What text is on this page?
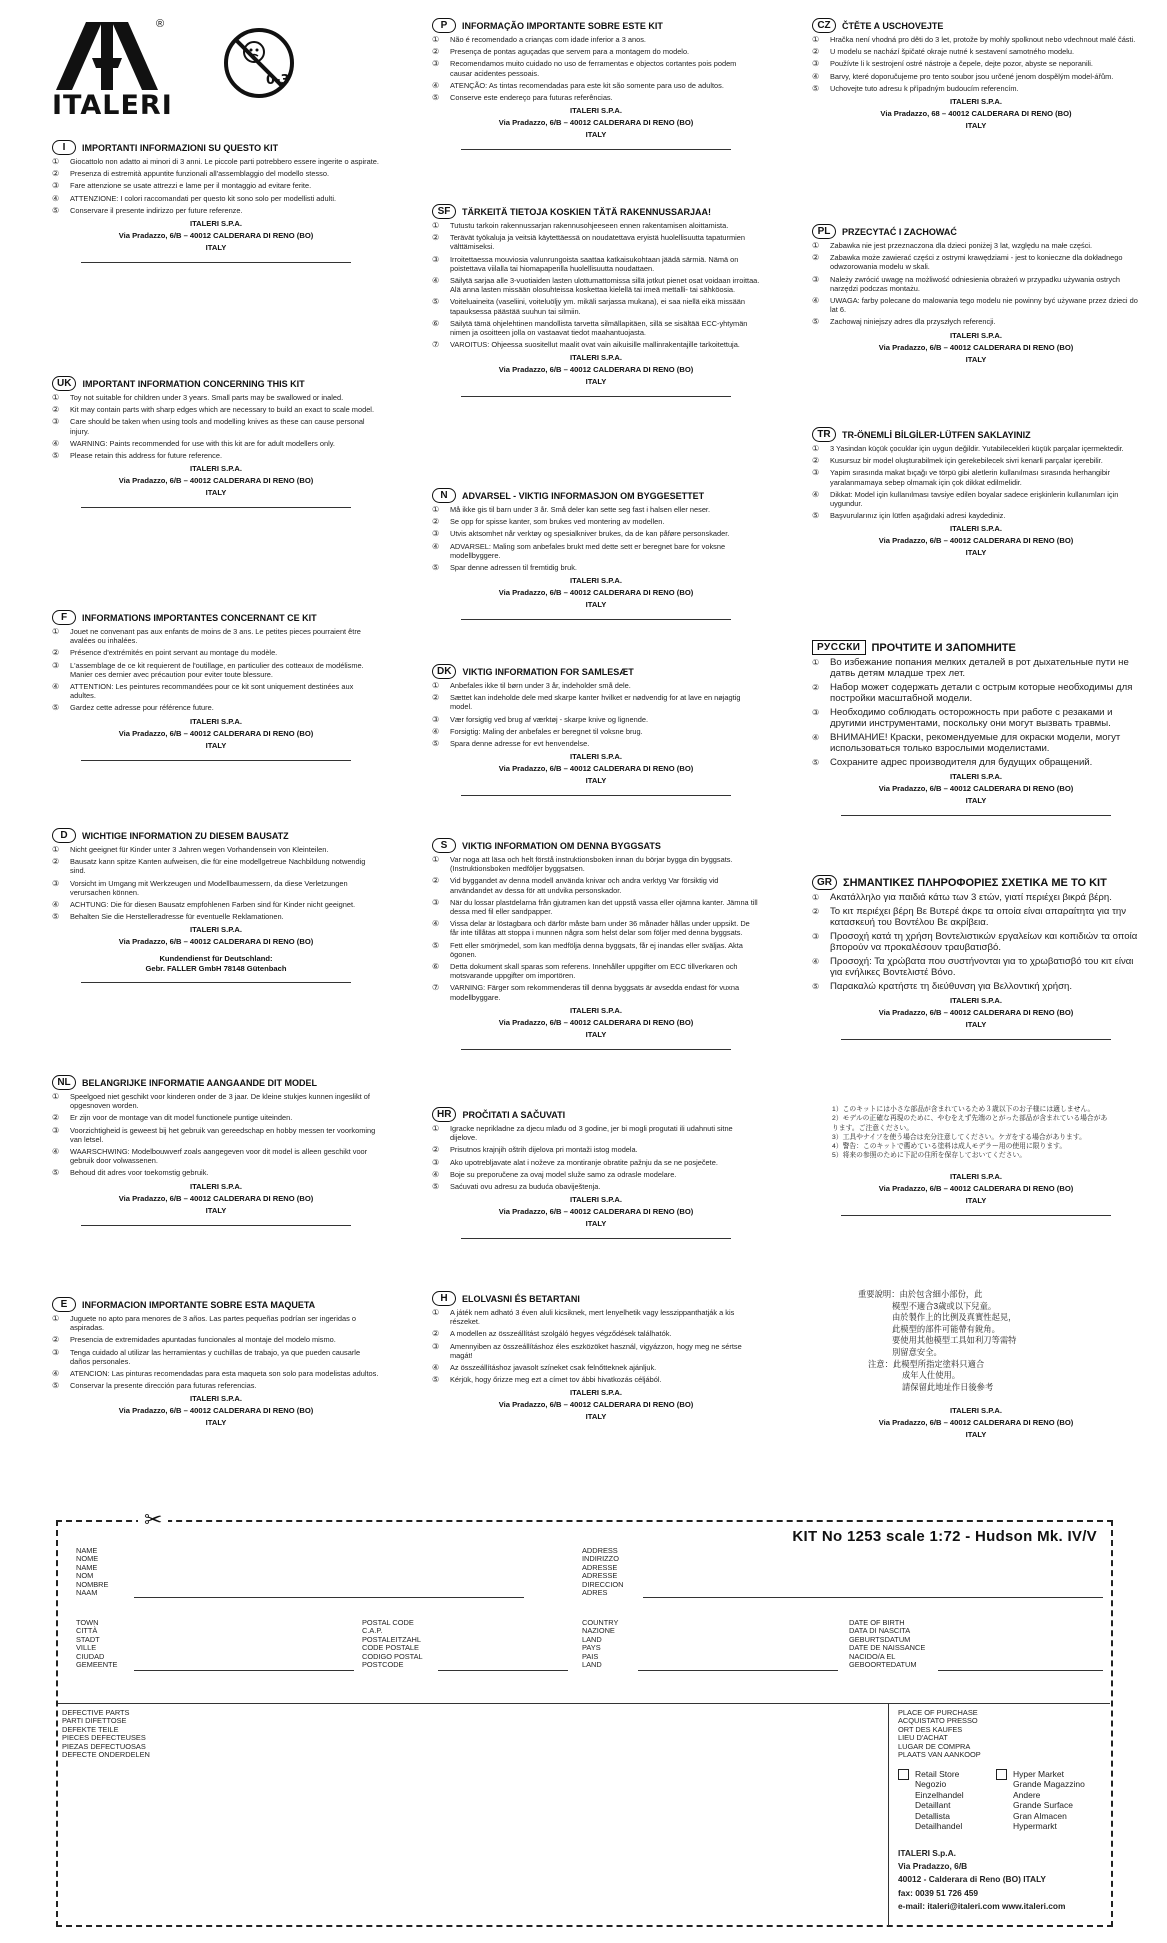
ITALERI
®
0-3
I	IMPORTANTI INFORMAZIONI SU QUESTO KIT
①	Giocattolo non adatto ai minori di 3 anni. Le piccole parti potrebbero essere ingerite o aspirate.
②	Presenza di estremità appuntite funzionali all'assemblaggio del modello stesso.
③	Fare attenzione se usate attrezzi e lame per il montaggio ad evitare ferite.
④	ATTENZIONE: I colori raccomandati per questo kit sono solo per modellisti adulti.
⑤	Conservare il presente indirizzo per future referenze.
ITALERI S.P.A.
Via Pradazzo, 6/B – 40012 CALDERARA DI RENO (BO)
ITALY
UK	IMPORTANT INFORMATION CONCERNING THIS KIT
①	Toy not suitable for children under 3 years. Small parts may be swallowed or inaled.
②	Kit may contain parts with sharp edges which are necessary to build an exact to scale model.
③	Care should be taken when using tools and modelling knives as these can cause personal injury.
④	WARNING: Paints recommended for use with this kit are for adult modellers only.
⑤	Please retain this address for future reference.
ITALERI S.P.A.
Via Pradazzo, 6/B – 40012 CALDERARA DI RENO (BO)
ITALY
F	INFORMATIONS IMPORTANTES CONCERNANT CE KIT
①	Jouet ne convenant pas aux enfants de moins de 3 ans. Le petites pieces pourraient être avalées ou inhalées.
②	Présence d'extrémités en point servant au montage du modèle.
③	L'assemblage de ce kit requierent de l'outillage, en particulier des cotteaux de modélisme. Manier ces dernier avec précaution pour eviter toute blessure.
④	ATTENTION: Les peintures recommandées pour ce kit sont uniquement destinées aux adultes.
⑤	Gardez cette adresse pour référence future.
ITALERI S.P.A.
Via Pradazzo, 6/B – 40012 CALDERARA DI RENO (BO)
ITALY
D	WICHTIGE INFORMATION ZU DIESEM BAUSATZ
①	Nicht geeignet für Kinder unter 3 Jahren wegen Vorhandensein von Kleinteilen.
②	Bausatz kann spitze Kanten aufweisen, die für eine modellgetreue Nachbildung notwendig sind.
③	Vorsicht im Umgang mit Werkzeugen und Modellbaumessern, da diese Verletzungen verursachen können.
④	ACHTUNG: Die für diesen Bausatz empfohlenen Farben sind für Kinder nicht geeignet.
⑤	Behalten Sie die Herstelleradresse für eventuelle Reklamationen.
ITALERI S.P.A.
Via Pradazzo, 6/B – 40012 CALDERARA DI RENO (BO)
Kundendienst für Deutschland:
Gebr. FALLER GmbH 78148 Gütenbach
NL	BELANGRIJKE INFORMATIE AANGAANDE DIT MODEL
①	Speelgoed niet geschikt voor kinderen onder de 3 jaar. De kleine stukjes kunnen ingeslikt of opgesnoven worden.
②	Er zijn voor de montage van dit model functionele puntige uiteinden.
③	Voorzichtigheid is geweest bij het gebruik van gereedschap en hobby messen ter voorkoming van letsel.
④	WAARSCHWING: Modelbouwverf zoals aangegeven voor dit model is alleen geschikt voor gebruik door volwassenen.
⑤	Behoud dit adres voor toekomstig gebruik.
ITALERI S.P.A.
Via Pradazzo, 6/B – 40012 CALDERARA DI RENO (BO)
ITALY
E	INFORMACION IMPORTANTE SOBRE ESTA MAQUETA
①	Juguete no apto para menores de 3 años. Las partes pequeñas podrían ser ingeridas o aspiradas.
②	Presencia de extremidades apuntadas funcionales al montaje del modelo mismo.
③	Tenga cuidado al utilizar las herramientas y cuchillas de trabajo, ya que pueden causarle daños personales.
④	ATENCION: Las pinturas recomendadas para esta maqueta son solo para modelistas adultos.
⑤	Conservar la presente dirección para futuras referencias.
ITALERI S.P.A.
Via Pradazzo, 6/B – 40012 CALDERARA DI RENO (BO)
ITALY
P	INFORMAÇÃO IMPORTANTE SOBRE ESTE KIT
①	Não é recomendado a crianças com idade inferior a 3 anos.
②	Presença de pontas aguçadas que servem para a montagem do modelo.
③	Recomendamos muito cuidado no uso de ferramentas e objectos cortantes pois podem causar acidentes pessoais.
④	ATENÇÃO: As tintas recomendadas para este kit são somente para uso de adultos.
⑤	Conserve este endereço para futuras referências.
ITALERI S.P.A.
Via Pradazzo, 6/B – 40012 CALDERARA DI RENO (BO)
ITALY
SF	TÄRKEITÄ TIETOJA KOSKIEN TÄTÄ RAKENNUSSARJAA!
①	Tutustu tarkoin rakennussarjan rakennusohjeeseen ennen rakentamisen aloittamista.
②	Terävät työkaluja ja veitsiä käytettäessä on noudatettava eryistä huolellisuutta tapaturmien välttämiseksi.
③	Irroitettaessa mouviosia valunrungoista saattaa katkaisukohtaan jäädä särmiä. Nämä on poistettava viilalla tai hiomapaperilla huolellisuutta noudattaen.
④	Säilytä sarjaa alle 3-vuotiaiden lasten ulottumattomissa sillä jotkut pienet osat voidaan irroittaa. Alä anna lasten missään olosuhteissa koskettaa kielellä tai imeä mettalli- tai sähköosia.
⑤	Voiteluaineita (vaseliini, voiteluöljy ym. mikäli sarjassa mukana), ei saa niellä eikä missään tapauksessa päästää suuhun tai silmiin.
⑥	Säilytä tämä ohjelehtinen mandollista tarvetta silmällapitäen, sillä se sisältää ECC-yhtymän nimen ja osoitteen jolla on vastaavat tiedot maahantuojasta.
⑦	VAROITUS: Ohjeessa suositellut maalit ovat vain aikuisille mallinrakentajille tarkoitettuja.
ITALERI S.P.A.
Via Pradazzo, 6/B – 40012 CALDERARA DI RENO (BO)
ITALY
N	ADVARSEL - VIKTIG INFORMASJON OM BYGGESETTET
①	Må ikke gis til barn under 3 år. Små deler kan sette seg fast i halsen eller neser.
②	Se opp for spisse kanter, som brukes ved montering av modellen.
③	Utvis aktsomhet når verktøy og spesialkniver brukes, da de kan påføre personskader.
④	ADVARSEL: Maling som anbefales brukt med dette sett er beregnet bare for voksne modellbyggere.
⑤	Spar denne adressen til fremtidig bruk.
ITALERI S.P.A.
Via Pradazzo, 6/B – 40012 CALDERARA DI RENO (BO)
ITALY
DK	VIKTIG INFORMATION FOR SAMLESÆT
①	Anbefales ikke til børn under 3 år, indeholder små dele.
②	Sættet kan indeholde dele med skarpe kanter hvilket er nødvendig for at lave en nøjagtig model.
③	Vær forsigtig ved brug af værktøj - skarpe knive og lignende.
④	Forsigtig: Maling der anbefales er beregnet til voksne brug.
⑤	Spara denne adresse for evt henvendelse.
ITALERI S.P.A.
Via Pradazzo, 6/B – 40012 CALDERARA DI RENO (BO)
ITALY
S	VIKTIG INFORMATION OM DENNA BYGGSATS
①	Var noga att läsa och helt förstå instruktionsboken innan du börjar bygga din byggsats. (Instruktionsboken medföljer byggsatsen.
②	Vid byggandet av denna modell använda knivar och andra verktyg Var försiktig vid användandet av dessa för att undvika personskador.
③	När du lossar plastdelarna från gjutramen kan det uppstå vassa eller ojämna kanter. Jämna till dessa med fil eller sandpapper.
④	Vissa delar är löstagbara och därför måste barn under 36 månader hållas under uppsikt. De får inte tillåtas att stoppa i munnen några som helst delar som följer med denna byggsats.
⑤	Fett eller smörjmedel, som kan medfölja denna byggsats, får ej inandas eller sväljas. Akta ögonen.
⑥	Detta dokument skall sparas som referens. Innehåller uppgifter om ECC tillverkaren och motsvarande uppgifter om importören.
⑦	VARNING: Färger som rekommenderas till denna byggsats är avsedda endast för vuxna modellbyggare.
ITALERI S.P.A.
Via Pradazzo, 6/B – 40012 CALDERARA DI RENO (BO)
ITALY
HR	PROČITATI A SAČUVATI
①	Igracke neprikladne za djecu mlađu od 3 godine, jer bi mogli progutati ili udahnuti sitne dijelove.
②	Prisutnos krajnjih oštrih dijelova pri montaži istog modela.
③	Ako upotrebljavate alat i noževe za montiranje obratite pažnju da se ne posječete.
④	Boje su preporučene za ovaj model služe samo za odrasle modelare.
⑤	Saćuvati ovu adresu za buduća obaviještenja.
ITALERI S.P.A.
Via Pradazzo, 6/B – 40012 CALDERARA DI RENO (BO)
ITALY
H	ELOLVASNI ÉS BETARTANI
①	A játék nem adható 3 éven aluli kicsiknek, mert lenyelhetik vagy lesszippanthatják a kis részeket.
②	A modellen az összeállítást szolgáló hegyes végződések találhatók.
③	Amennyiben az összeállításhoz éles eszközöket használ, vigyázzon, hogy meg ne sértse magát!
④	Az összeállításhoz javasolt színeket csak felnőtteknek ajánljuk.
⑤	Kérjük, hogy őrizze meg ezt a címet tov ábbi hivatkozás céljából.
ITALERI S.P.A.
Via Pradazzo, 6/B – 40012 CALDERARA DI RENO (BO)
ITALY
CZ	ČTĚTE A USCHOVEJTE
①	Hračka není vhodná pro děti do 3 let, protože by mohly spolknout nebo vdechnout malé části.
②	U modelu se nachází špičaté okraje nutné k sestavení samotného modelu.
③	Používte li k sestrojení ostré nástroje a čepele, dejte pozor, abyste se neporanili.
④	Barvy, které doporučujeme pro tento soubor jsou určené jenom dospělým model-ářům.
⑤	Uchovejte tuto adresu k případným budoucím referencím.
ITALERI S.P.A.
Via Pradazzo, 68 – 40012 CALDERARA DI RENO (BO)
ITALY
PL	PRZECYTAĆ I ZACHOWAĆ
①	Zabawka nie jest przeznaczona dla dzieci poniżej 3 lat, względu na małe części.
②	Zabawka może zawierać części z ostrymi krawędziami - jest to konieczne dla dokładnego odwzorowania modelu w skali.
③	Należy zwrócić uwagę na możliwość odniesienia obrażeń w przypadku używania ostrych narzędzi podczas montażu.
④	UWAGA: farby polecane do malowania tego modelu nie powinny być używane przez dzieci do lat 6.
⑤	Zachowaj niniejszy adres dla przyszłych referencji.
ITALERI S.P.A.
Via Pradazzo, 6/B – 40012 CALDERARA DI RENO (BO)
ITALY
TR	TR-ÖNEMLİ BİLGİLER-LÜTFEN SAKLAYINIZ
①	3 Yasindan küçük çocuklar için uygun değildir. Yutabilecekleri küçük parçalar içermektedir.
②	Kusursuz bir model oluşturabilmek için gerekebilecek sivri kenarli parçalar içerebilir.
③	Yapim sırasında makat bıçağı ve törpü gibi aletlerin kullanılması sırasında herhangibir yaralanmamaya sebep olmamak için çok dikkat edilmelidir.
④	Dikkat: Model için kullanılması tavsiye edilen boyalar sadece erişkinlerin kullanımları için uygundur.
⑤	Başvurularınız için lütfen aşağıdaki adresi kaydediniz.
ITALERI S.P.A.
Via Pradazzo, 6/B – 40012 CALDERARA DI RENO (BO)
ITALY
РУССКИ	ПРОЧТИТЕ И ЗАПОМНИТЕ
①	Во избежание попания мелких деталей в рот дыхательные пути не датвь детям младше трех лет.
②	Набор может содержать детали с острым которые необходимы для постройки масштабной модели.
③	Необходимо соблюдать осторожность при работе с резаками и другими инструментами, поскольку они могут вызвать травмы.
④	ВНИМАНИЕ! Краски, рекомендуемые для окраски модели, могут использоваться только взрослыми моделистами.
⑤	Сохраните адрес производителя для будущих обращений.
ITALERI S.P.A.
Via Pradazzo, 6/B – 40012 CALDERARA DI RENO (BO)
ITALY
GR	ΣΗΜΑΝΤΙΚΕΣ ΠΛΗΡΟΦΟΡΙΕΣ ΣΧΕΤΙΚΑ ΜΕ ΤΟ ΚΙΤ
①	Ακατάλληλο για παιδιά κάτω των 3 ετών, γιατί περιέχει βικρά βέρη.
②	Το κιτ περιέχει βέρη Βε Βυτερέ άκρε τα οποία είναι απαραίτητα για την κατασκευή του Βοντέλου Βε ακρίβεια.
③	Προσοχή κατά τη χρήση Βοντελιστικών εργαλείων και κοπιδιών τα οποία βπορούν να προκαλέσουν τραυβατισβό.
④	Προσοχή: Τα χρώβατα που συστήνονται για το χρωβατισβό του κιτ είναι για ενήλικες Βοντελιστέ Βόνο.
⑤	Παρακαλώ κρατήστε τη διεύθυνση για Βελλοντική χρήση.
ITALERI S.P.A.
Via Pradazzo, 6/B – 40012 CALDERARA DI RENO (BO)
ITALY
1）このキットには小さな部品が含まれているため３歳以下のお子様には適しません。
2）モデルの正確な再現のために、やむをえず先端のとがった部品が含まれている場合があります。ご注意ください。
3）工具やナイフを使う場合は充分注意してください。ケガをする場合があります。
4）警告：このキットで薦めている塗料は成人モデラー用の使用に限ります。
5）将来の参照のために下記の住所を保存しておいてください。
ITALERI S.P.A.
Via Pradazzo, 6/B – 40012 CALDERARA DI RENO (BO)
ITALY
重要說明：由於包含細小部份，此
模型不適合3歲或以下兒童。
由於製作上的比例及真實性起見，
此模型的部件可能帶有銳角。
要使用其他模型工具如利刀等需特
別留意安全。
注意：此模型所指定塗料只適合
成年人仕使用。
請保留此地址作日後參考
ITALERI S.P.A.
Via Pradazzo, 6/B – 40012 CALDERARA DI RENO (BO)
ITALY
✂
KIT No 1253 scale 1:72 - Hudson Mk. IV/V
NAME
NOME
NAME
NOM
NOMBRE
NAAM
ADDRESS
INDIRIZZO
ADRESSE
ADRESSE
DIRECCION
ADRES
TOWN
CITTÀ
STADT
VILLE
CIUDAD
GEMEENTE
POSTAL CODE
C.A.P.
POSTALEITZAHL
CODE POSTALE
CODIGO POSTAL
POSTCODE
COUNTRY
NAZIONE
LAND
PAYS
PAIS
LAND
DATE OF BIRTH
DATA DI NASCITA
GEBURTSDATUM
DATE DE NAISSANCE
NACIDO/A EL
GEBOORTEDATUM
DEFECTIVE PARTS
PARTI DIFETTOSE
DEFEKTE TEILE
PIECES DEFECTEUSES
PIEZAS DEFECTUOSAS
DEFECTE ONDERDELEN
PLACE OF PURCHASE
ACQUISTATO PRESSO
ORT DES KAUFES
LIEU D'ACHAT
LUGAR DE COMPRA
PLAATS VAN AANKOOP
Retail Store
Negozio
Einzelhandel
Detaillant
Detallista
Detailhandel
Hyper Market
Grande Magazzino
Andere
Grande Surface
Gran Almacen
Hypermarkt
ITALERI S.p.A.
Via Pradazzo, 6/B
40012 - Calderara di Reno (BO) ITALY
fax: 0039 51 726 459
e-mail: italeri@italeri.com www.italeri.com
